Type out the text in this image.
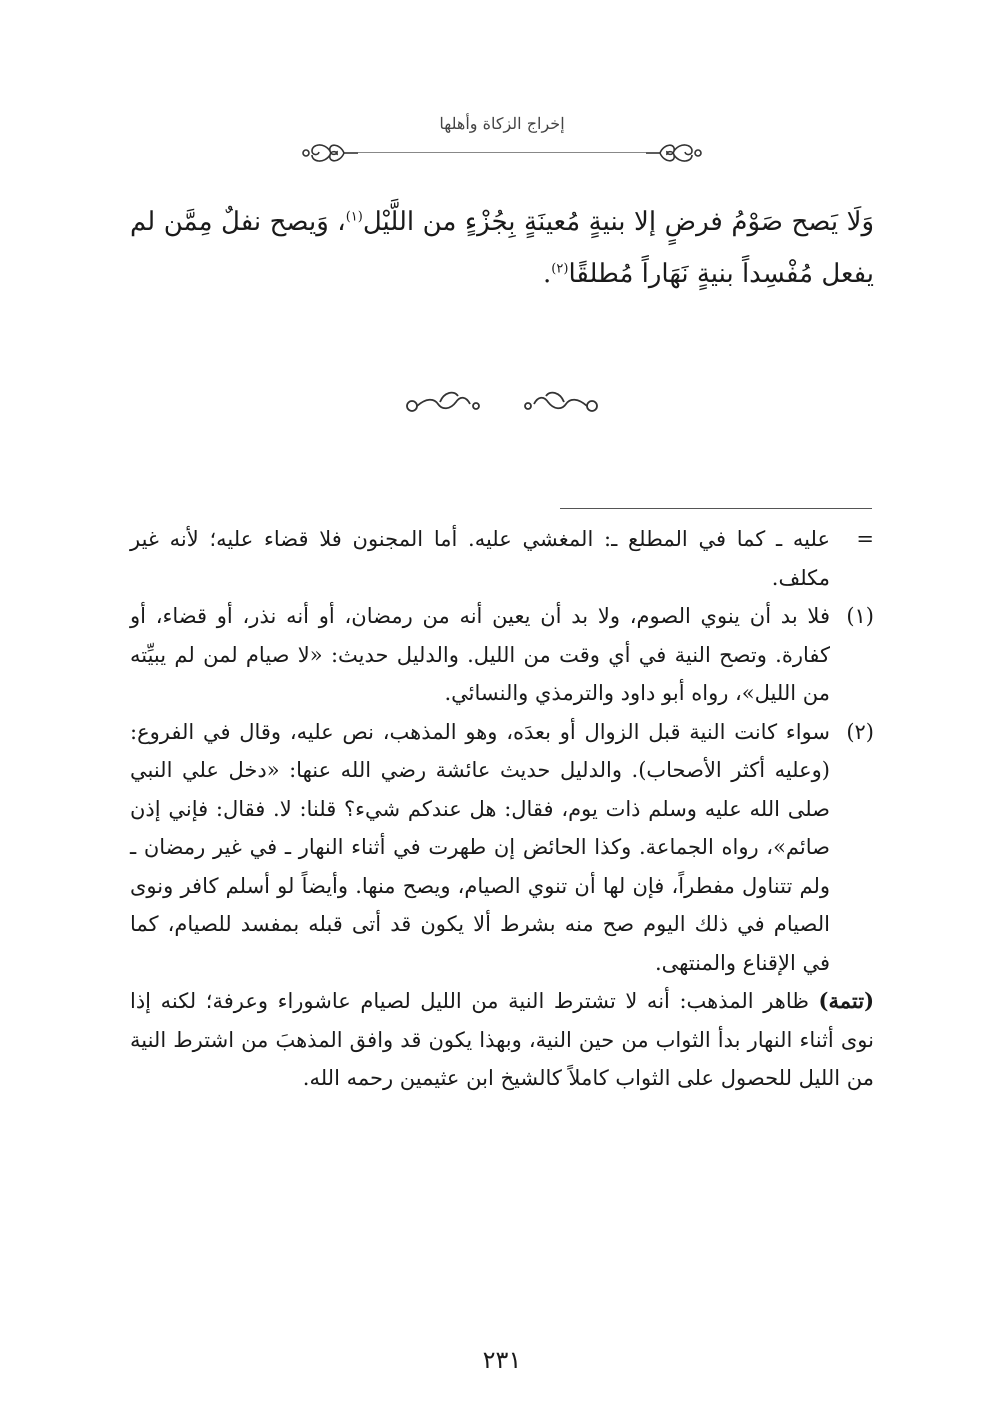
إخراج الزكاة وأهلها
وَلَا يَصح صَوْمُ فرضٍ إلا بنيةٍ مُعينَةٍ بِجُزْءٍ من اللَّيْل$^{(١)}$، وَيصح نفلٌ مِمَّن لم يفعل مُفْسِداً بنيةٍ نَهَاراً مُطلقًا$^{(٢)}$.
=
عليه ـ كما في المطلع ـ: المغشي عليه. أما المجنون فلا قضاء عليه؛ لأنه غير مكلف.
(١)
فلا بد أن ينوي الصوم، ولا بد أن يعين أنه من رمضان، أو أنه نذر، أو قضاء، أو كفارة. وتصح النية في أي وقت من الليل. والدليل حديث: «لا صيام لمن لم يبيِّته من الليل»، رواه أبو داود والترمذي والنسائي.
(٢)
سواء كانت النية قبل الزوال أو بعدَه، وهو المذهب، نص عليه، وقال في الفروع: (وعليه أكثر الأصحاب). والدليل حديث عائشة رضي الله عنها: «دخل علي النبي صلى الله عليه وسلم ذات يوم، فقال: هل عندكم شيء؟ قلنا: لا. فقال: فإني إذن صائم»، رواه الجماعة. وكذا الحائض إن طهرت في أثناء النهار ـ في غير رمضان ـ ولم تتناول مفطراً، فإن لها أن تنوي الصيام، ويصح منها. وأيضاً لو أسلم كافر ونوى الصيام في ذلك اليوم صح منه بشرط ألا يكون قد أتى قبله بمفسد للصيام، كما في الإقناع والمنتهى.
(تتمة) ظاهر المذهب: أنه لا تشترط النية من الليل لصيام عاشوراء وعرفة؛ لكنه إذا نوى أثناء النهار بدأ الثواب من حين النية، وبهذا يكون قد وافق المذهبَ من اشترط النية من الليل للحصول على الثواب كاملاً كالشيخ ابن عثيمين رحمه الله.
٢٣١
